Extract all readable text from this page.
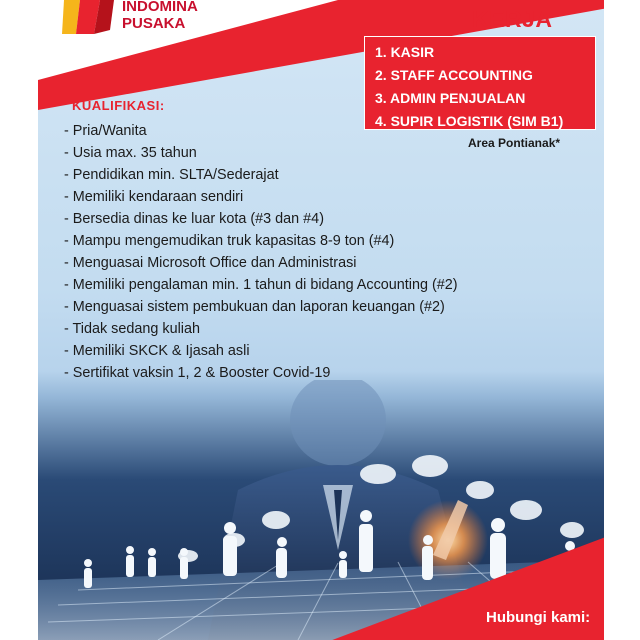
INDOMINA
PUSAKA	KERJA
1. KASIR
2. STAFF ACCOUNTING
3. ADMIN PENJUALAN
4. SUPIR LOGISTIK (SIM B1)
Area Pontianak*
KUALIFIKASI:
- Pria/Wanita
- Usia max. 35 tahun
- Pendidikan min. SLTA/Sederajat
- Memiliki kendaraan sendiri
- Bersedia dinas ke luar kota (#3 dan #4)
- Mampu mengemudikan truk kapasitas 8-9 ton (#4)
- Menguasai Microsoft Office dan Administrasi
- Memiliki pengalaman min. 1 tahun di bidang Accounting (#2)
- Menguasai sistem pembukuan dan laporan keuangan (#2)
- Tidak sedang kuliah
- Memiliki SKCK & Ijasah asli
- Sertifikat vaksin 1, 2 & Booster Covid-19
Hubungi kami:
